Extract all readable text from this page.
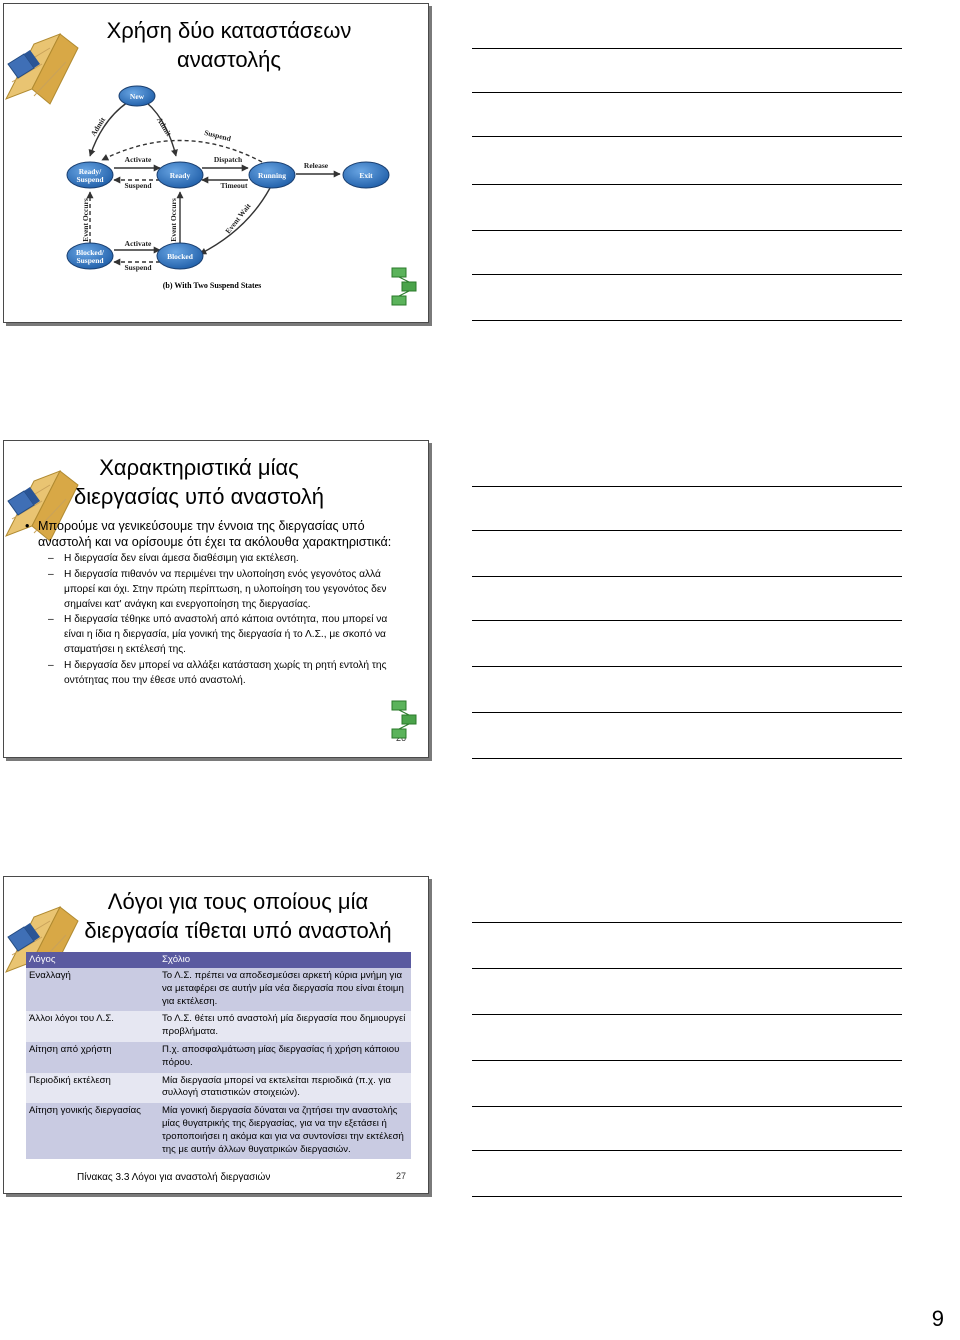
Χρήση δύο καταστάσεων αναστολής
New
Ready/
Suspend	Ready	Running	Exit
Blocked/
Suspend	Blocked
Admit	Admit	Suspend
Activate
Suspend
Dispatch
Timeout
Release
Event Occurs	Event Occurs	Event Wait
Activate
Suspend
(b) With Two Suspend States
Χαρακτηριστικά μίας διεργασίας υπό αναστολή
• Μπορούμε να γενικεύσουμε την έννοια της διεργασίας υπό αναστολή και να ορίσουμε ότι έχει τα ακόλουθα χαρακτηριστικά:
– Η διεργασία δεν είναι άμεσα διαθέσιμη για εκτέλεση.
– Η διεργασία πιθανόν να περιμένει την υλοποίηση ενός γεγονότος αλλά μπορεί και όχι. Στην πρώτη περίπτωση, η υλοποίηση του γεγονότος δεν σημαίνει κατ' ανάγκη και ενεργοποίηση της διεργασίας.
– Η διεργασία τέθηκε υπό αναστολή από κάποια οντότητα, που μπορεί να είναι η ίδια η διεργασία, μία γονική της διεργασία ή το Λ.Σ., με σκοπό να σταματήσει η εκτέλεσή της.
– Η διεργασία δεν μπορεί να αλλάξει κατάσταση χωρίς τη ρητή εντολή της οντότητας που την έθεσε υπό αναστολή.
Λόγοι για τους οποίους μία διεργασία τίθεται υπό αναστολή
Λόγος	Σχόλιο
Εναλλαγή	Το Λ.Σ. πρέπει να αποδεσμεύσει αρκετή κύρια μνήμη για να μεταφέρει σε αυτήν μία νέα διεργασία που είναι έτοιμη για εκτέλεση.
Άλλοι λόγοι του Λ.Σ.	Το Λ.Σ. θέτει υπό αναστολή μία διεργασία που δημιουργεί προβλήματα.
Αίτηση από χρήστη	Π.χ. αποσφαλμάτωση μίας διεργασίας ή χρήση κάποιου πόρου.
Περιοδική εκτέλεση	Μία διεργασία μπορεί να εκτελείται περιοδικά (π.χ. για συλλογή στατιστικών στοιχειών).
Αίτηση γονικής διεργασίας	Μία γονική διεργασία δύναται να ζητήσει την αναστολής μίας θυγατρικής της διεργασίας, για να την εξετάσει ή τροποποιήσει η ακόμα και για να συντονίσει την εκτέλεσή της με αυτήν άλλων θυγατρικών διεργασιών.
Πίνακας 3.3 Λόγοι για αναστολή διεργασιών	27
9
